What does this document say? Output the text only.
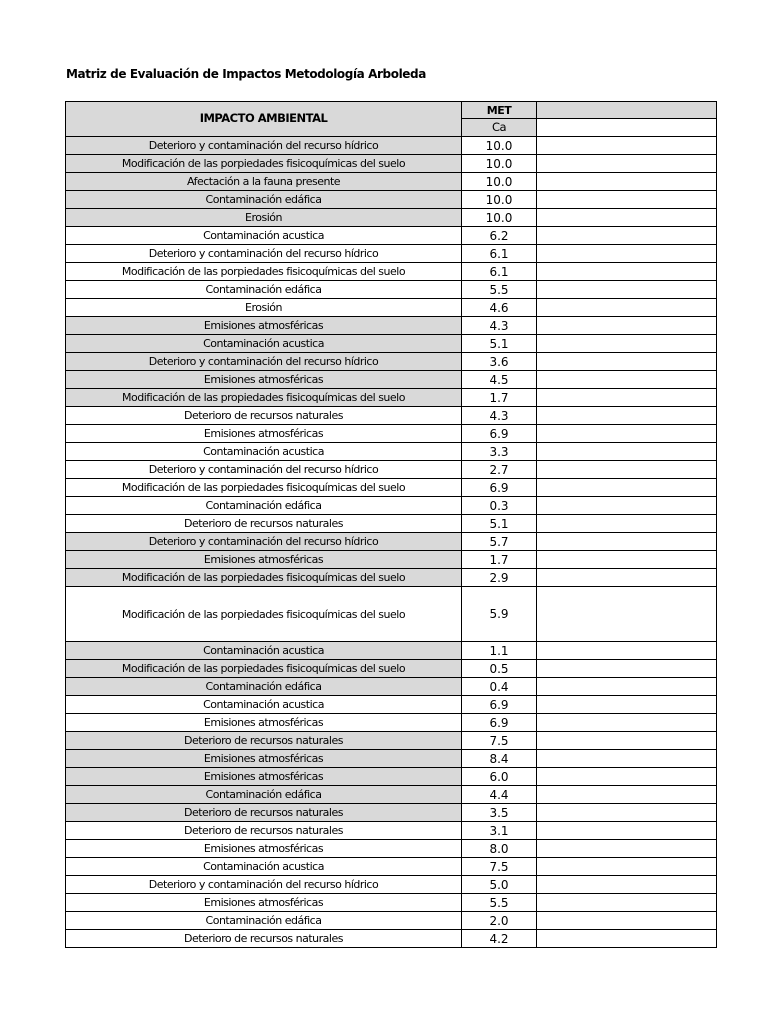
Matriz de Evaluación de Impactos Metodología Arboleda
IMPACTO AMBIENTAL	MET	
	Ca	
Deterioro y contaminación del recurso hídrico	10.0	
Modificación de las porpiedades fisicoquímicas del suelo	10.0	
Afectación a la fauna presente	10.0	
Contaminación edáfica	10.0	
Erosión	10.0	
Contaminación acustica	6.2	
Deterioro y contaminación del recurso hídrico	6.1	
Modificación de las porpiedades fisicoquímicas del suelo	6.1	
Contaminación edáfica	5.5	
Erosión	4.6	
Emisiones atmosféricas	4.3	
Contaminación acustica	5.1	
Deterioro y contaminación del recurso hídrico	3.6	
Emisiones atmosféricas	4.5	
Modificación de las propiedades fisicoquímicas del suelo	1.7	
Deterioro de recursos naturales	4.3	
Emisiones atmosféricas	6.9	
Contaminación acustica	3.3	
Deterioro y contaminación del recurso hídrico	2.7	
Modificación de las porpiedades fisicoquímicas del suelo	6.9	
Contaminación edáfica	0.3	
Deterioro de recursos naturales	5.1	
Deterioro y contaminación del recurso hídrico	5.7	
Emisiones atmosféricas	1.7	
Modificación de las porpiedades fisicoquímicas del suelo	2.9	
Modificación de las porpiedades fisicoquímicas del suelo	5.9	
Contaminación acustica	1.1	
Modificación de las porpiedades fisicoquímicas del suelo	0.5	
Contaminación edáfica	0.4	
Contaminación acustica	6.9	
Emisiones atmosféricas	6.9	
Deterioro de recursos naturales	7.5	
Emisiones atmosféricas	8.4	
Emisiones atmosféricas	6.0	
Contaminación edáfica	4.4	
Deterioro de recursos naturales	3.5	
Deterioro de recursos naturales	3.1	
Emisiones atmosféricas	8.0	
Contaminación acustica	7.5	
Deterioro y contaminación del recurso hídrico	5.0	
Emisiones atmosféricas	5.5	
Contaminación edáfica	2.0	
Deterioro de recursos naturales	4.2	
